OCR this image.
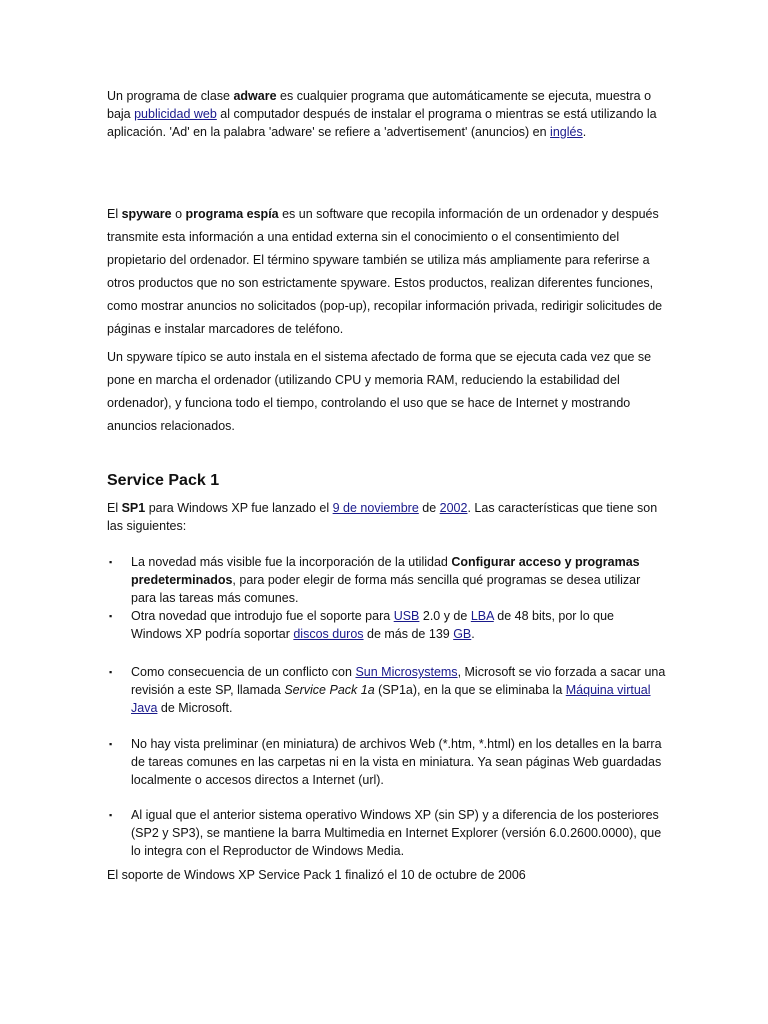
Un programa de clase adware es cualquier programa que automáticamente se ejecuta, muestra o baja publicidad web al computador después de instalar el programa o mientras se está utilizando la aplicación. 'Ad' en la palabra 'adware' se refiere a 'advertisement' (anuncios) en inglés.

El spyware o programa espía es un software que recopila información de un ordenador y después transmite esta información a una entidad externa sin el conocimiento o el consentimiento del propietario del ordenador. El término spyware también se utiliza más ampliamente para referirse a otros productos que no son estrictamente spyware. Estos productos, realizan diferentes funciones, como mostrar anuncios no solicitados (pop-up), recopilar información privada, redirigir solicitudes de páginas e instalar marcadores de teléfono.

Un spyware típico se auto instala en el sistema afectado de forma que se ejecuta cada vez que se pone en marcha el ordenador (utilizando CPU y memoria RAM, reduciendo la estabilidad del ordenador), y funciona todo el tiempo, controlando el uso que se hace de Internet y mostrando anuncios relacionados.

Service Pack 1

El SP1 para Windows XP fue lanzado el 9 de noviembre de 2002. Las características que tiene son las siguientes:

▪ La novedad más visible fue la incorporación de la utilidad Configurar acceso y programas predeterminados, para poder elegir de forma más sencilla qué programas se desea utilizar para las tareas más comunes.
▪ Otra novedad que introdujo fue el soporte para USB 2.0 y de LBA de 48 bits, por lo que Windows XP podría soportar discos duros de más de 139 GB.
▪ Como consecuencia de un conflicto con Sun Microsystems, Microsoft se vio forzada a sacar una revisión a este SP, llamada Service Pack 1a (SP1a), en la que se eliminaba la Máquina virtual Java de Microsoft.
▪ No hay vista preliminar (en miniatura) de archivos Web (*.htm, *.html) en los detalles en la barra de tareas comunes en las carpetas ni en la vista en miniatura. Ya sean páginas Web guardadas localmente o accesos directos a Internet (url).
▪ Al igual que el anterior sistema operativo Windows XP (sin SP) y a diferencia de los posteriores (SP2 y SP3), se mantiene la barra Multimedia en Internet Explorer (versión 6.0.2600.0000), que lo integra con el Reproductor de Windows Media.

El soporte de Windows XP Service Pack 1 finalizó el 10 de octubre de 2006
